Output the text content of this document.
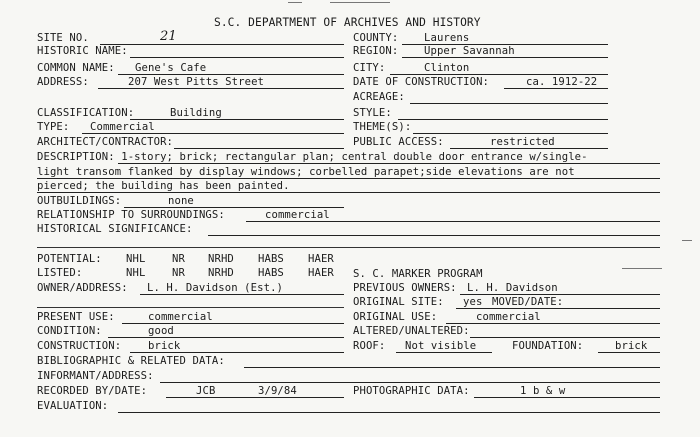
S.C. DEPARTMENT OF ARCHIVES AND HISTORY
SITE NO.	21	COUNTY: Laurens
HISTORIC NAME:	REGION: Upper Savannah
COMMON NAME: Gene's Cafe	CITY:	Clinton
ADDRESS:	207 West Pitts Street	DATE OF CONSTRUCTION:	ca. 1912-22
ACREAGE:
CLASSIFICATION:	Building	STYLE:
TYPE: Commercial	THEME(S):
ARCHITECT/CONTRACTOR:	PUBLIC ACCESS:	restricted
DESCRIPTION: 1-story; brick; rectangular plan; central double door entrance w/single-
light transom flanked by display windows; corbelled parapet;side elevations are not
pierced; the building has been painted.
OUTBUILDINGS:	none
RELATIONSHIP TO SURROUNDINGS:	commercial
HISTORICAL SIGNIFICANCE:
POTENTIAL: NHL	NR NRHD HABS HAER
LISTED:	NHL	NR NRHD HABS HAER S. C. MARKER PROGRAM
OWNER/ADDRESS: L. H. Davidson (Est.)	PREVIOUS OWNERS: L. H. Davidson
ORIGINAL SITE: yes MOVED/DATE:
PRESENT USE:	commercial	ORIGINAL USE:	commercial
CONDITION:	good	ALTERED/UNALTERED:
CONSTRUCTION:	brick	ROOF: Not visible	FOUNDATION:	brick
BIBLIOGRAPHIC & RELATED DATA:
INFORMANT/ADDRESS:
RECORDED BY/DATE:	JCB	3/9/84	PHOTOGRAPHIC DATA:	1 b & w
EVALUATION:
